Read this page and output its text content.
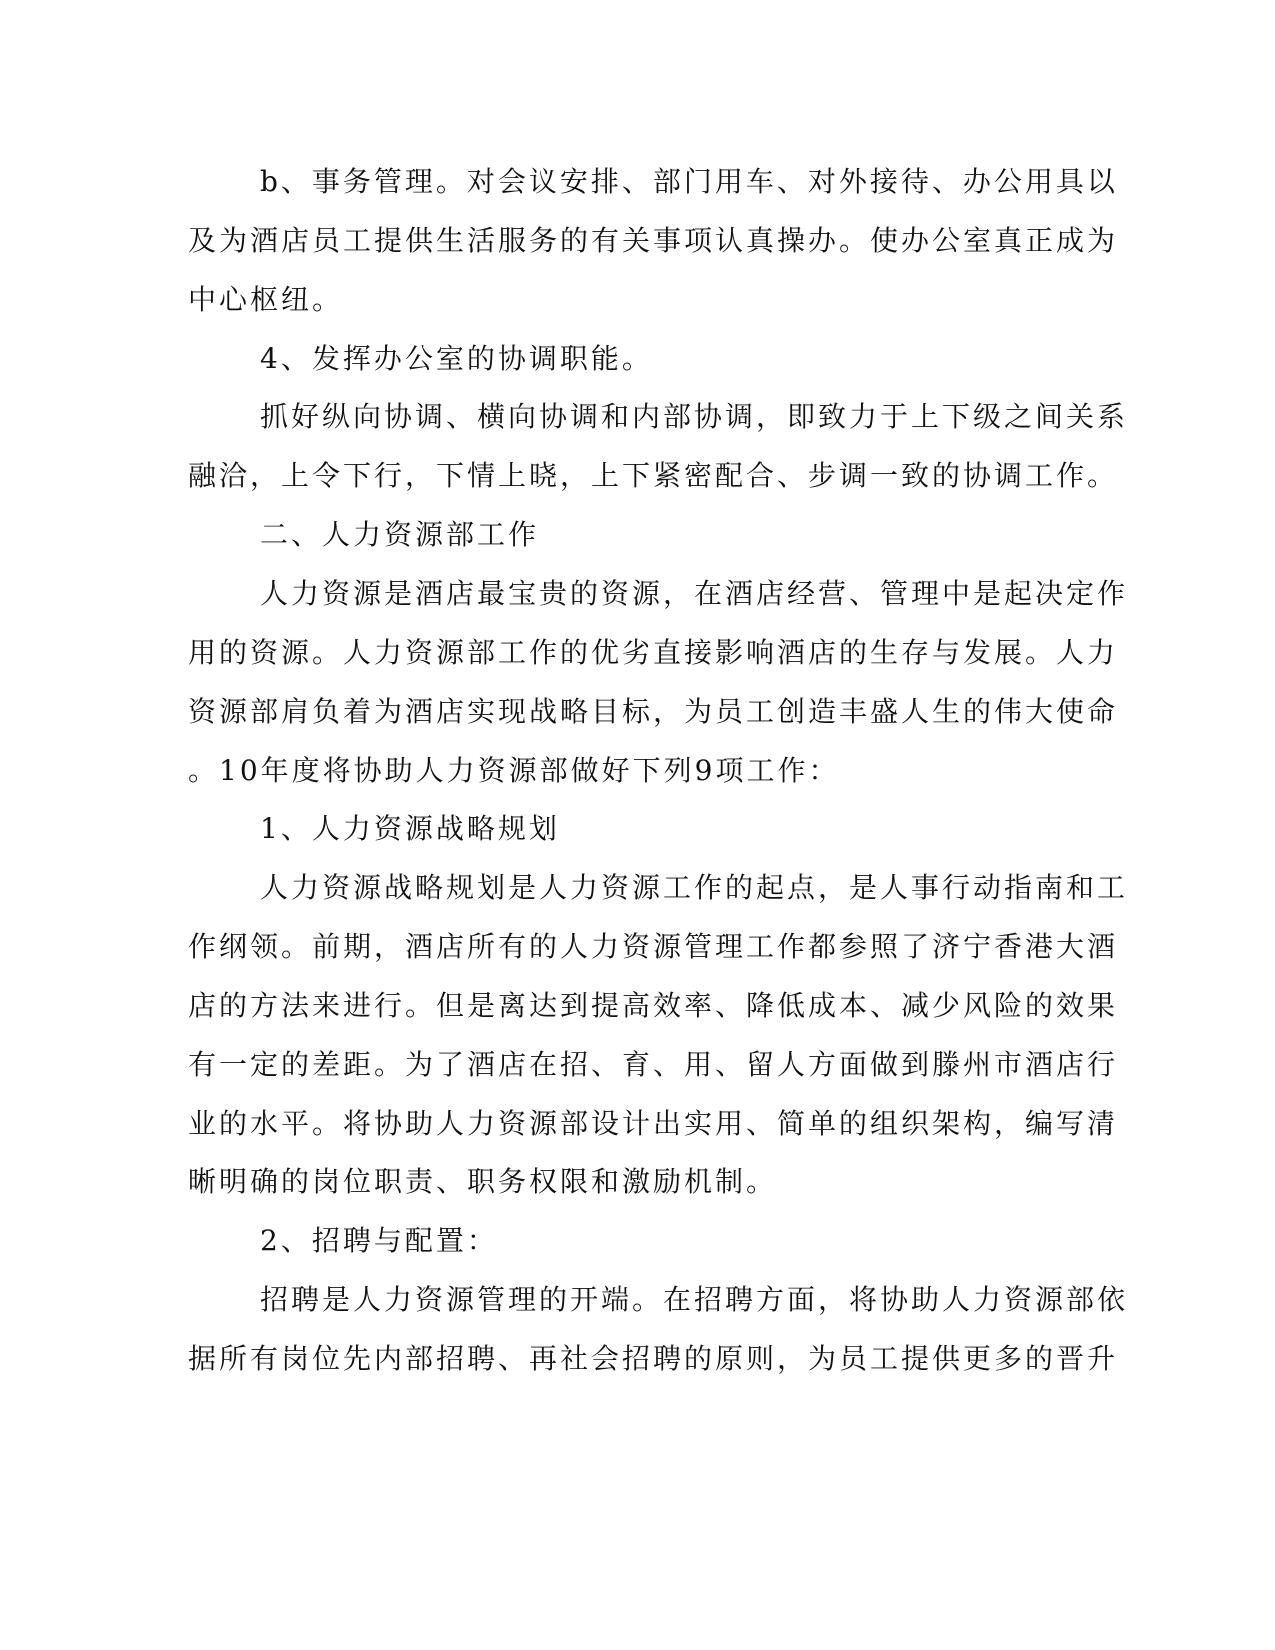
b、事务管理。对会议安排、部门用车、对外接待、办公用具以
及为酒店员工提供生活服务的有关事项认真操办。使办公室真正成为
中心枢纽。
4、发挥办公室的协调职能。
抓好纵向协调、横向协调和内部协调，即致力于上下级之间关系
融洽，上令下行，下情上晓，上下紧密配合、步调一致的协调工作。
二、人力资源部工作
人力资源是酒店最宝贵的资源，在酒店经营、管理中是起决定作
用的资源。人力资源部工作的优劣直接影响酒店的生存与发展。人力
资源部肩负着为酒店实现战略目标，为员工创造丰盛人生的伟大使命
。10年度将协助人力资源部做好下列9项工作：
1、人力资源战略规划
人力资源战略规划是人力资源工作的起点，是人事行动指南和工
作纲领。前期，酒店所有的人力资源管理工作都参照了济宁香港大酒
店的方法来进行。但是离达到提高效率、降低成本、减少风险的效果
有一定的差距。为了酒店在招、育、用、留人方面做到滕州市酒店行
业的水平。将协助人力资源部设计出实用、简单的组织架构，编写清
晰明确的岗位职责、职务权限和激励机制。
2、招聘与配置：
招聘是人力资源管理的开端。在招聘方面，将协助人力资源部依
据所有岗位先内部招聘、再社会招聘的原则，为员工提供更多的晋升
